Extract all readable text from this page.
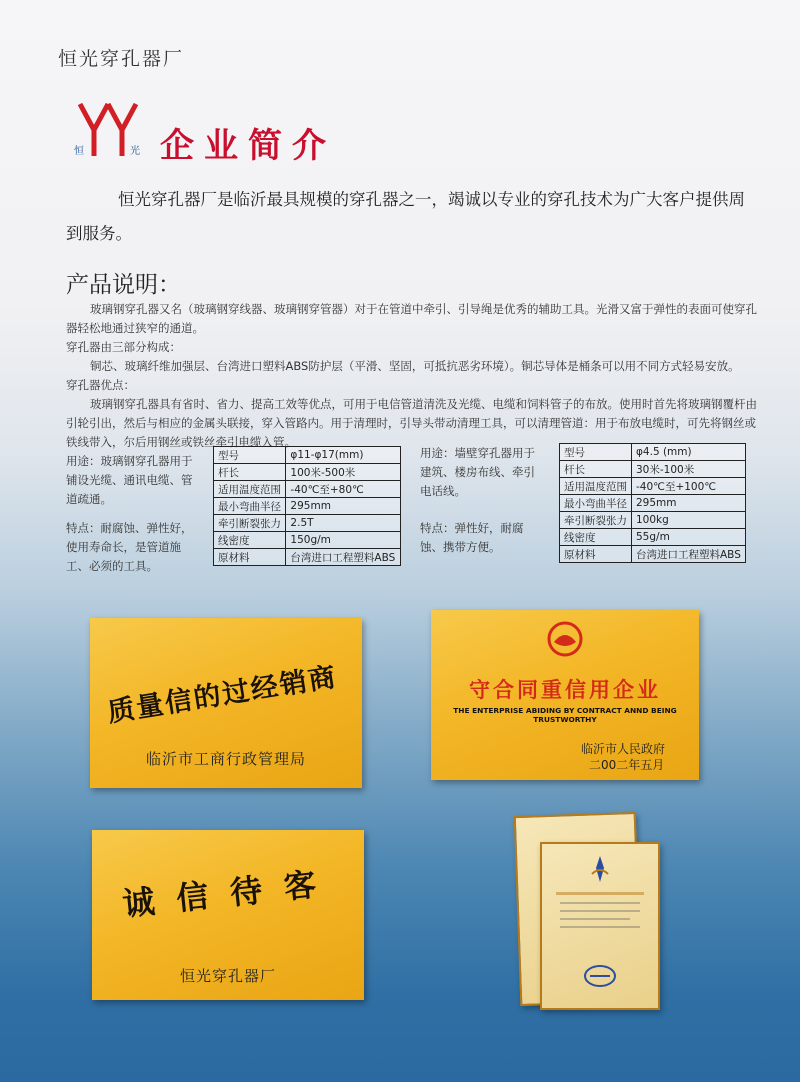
恒光穿孔器厂
恒	光 企业简介
恒光穿孔器厂是临沂最具规模的穿孔器之一，竭诚以专业的穿孔技术为广大客户提供周到服务。
产品说明：

玻璃钢穿孔器又名（玻璃钢穿线器、玻璃钢穿管器）对于在管道中牵引、引导绳是优秀的辅助工具。光滑又富于弹性的表面可使穿孔器轻松地通过狭窄的通道。

穿孔器由三部分构成：

铜芯、玻璃纤维加强层、台湾进口塑料ABS防护层（平滑、坚固，可抵抗恶劣环境）。铜芯导体是桶条可以用不同方式轻易安放。

穿孔器优点：

玻璃钢穿孔器具有省时、省力、提高工效等优点，可用于电信管道清洗及光缆、电缆和饲料管子的布放。使用时首先将玻璃钢覆杆由引轮引出，然后与相应的金属头联接，穿入管路内。用于清理时，引导头带动清理工具，可以清理管道：用于布放电缆时，可先将钢丝或铁线带入，尔后用钢丝或铁丝牵引电缆入管。

用途：玻璃钢穿孔器用于铺设光缆、通讯电缆、管道疏通。
特点：耐腐蚀、弹性好，使用寿命长，是管道施工、必须的工具。
型号	φ11-φ17(mm)
杆长	100米-500米
适用温度范围	-40℃至+80℃
最小弯曲半径	295mm
牵引断裂张力	2.5T
线密度	150g/m
原材料	台湾进口工程塑料ABS
用途：墙壁穿孔器用于建筑、楼房布线、牵引电话线。
特点：弹性好，耐腐蚀、携带方便。
型号	φ4.5 (mm)
杆长	30米-100米
适用温度范围	-40℃至+100℃
最小弯曲半径	295mm
牵引断裂张力	100kg
线密度	55g/m
原材料	台湾进口工程塑料ABS
质量信的过经销商
临沂市工商行政管理局
守合同重信用企业
THE ENTERPRISE ABIDING BY CONTRACT ANND BEING TRUSTWORTHY
临沂市人民政府
二00二年五月
诚信待客
恒光穿孔器厂
